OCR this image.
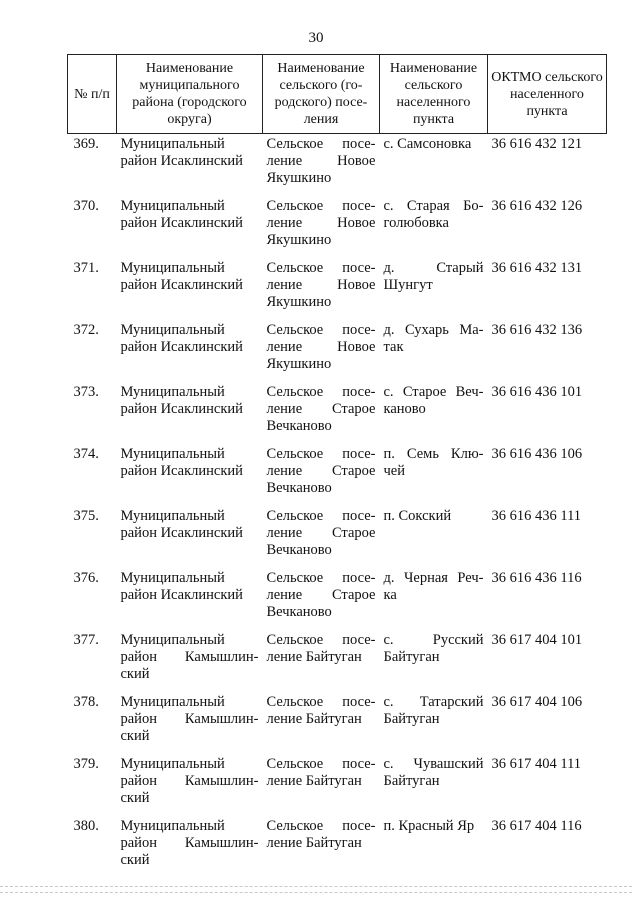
30
№ п/п	Наименование муниципального района (городского округа)	Наименование сельского (го-родского) посе-ления	Наименование сельского населенного пункта	ОКТМО сельского населенного пункта
369.	Муниципальный район Исаклинский	Сельское посе-ление Новое Якушкино	с. Самсоновка	36 616 432 121
370.	Муниципальный район Исаклинский	Сельское посе-ление Новое Якушкино	с. Старая Бо-голюбовка	36 616 432 126
371.	Муниципальный район Исаклинский	Сельское посе-ление Новое Якушкино	д. Старый Шунгут	36 616 432 131
372.	Муниципальный район Исаклинский	Сельское посе-ление Новое Якушкино	д. Сухарь Ма-так	36 616 432 136
373.	Муниципальный район Исаклинский	Сельское посе-ление Старое Вечканово	с. Старое Веч-каново	36 616 436 101
374.	Муниципальный район Исаклинский	Сельское посе-ление Старое Вечканово	п. Семь Клю-чей	36 616 436 106
375.	Муниципальный район Исаклинский	Сельское посе-ление Старое Вечканово	п. Сокский	36 616 436 111
376.	Муниципальный район Исаклинский	Сельское посе-ление Старое Вечканово	д. Черная Реч-ка	36 616 436 116
377.	Муниципальный район Камышлин-ский	Сельское посе-ление Байтуган	с. Русский Байтуган	36 617 404 101
378.	Муниципальный район Камышлин-ский	Сельское посе-ление Байтуган	с. Татарский Байтуган	36 617 404 106
379.	Муниципальный район Камышлин-ский	Сельское посе-ление Байтуган	с. Чувашский Байтуган	36 617 404 111
380.	Муниципальный район Камышлин-ский	Сельское посе-ление Байтуган	п. Красный Яр	36 617 404 116
